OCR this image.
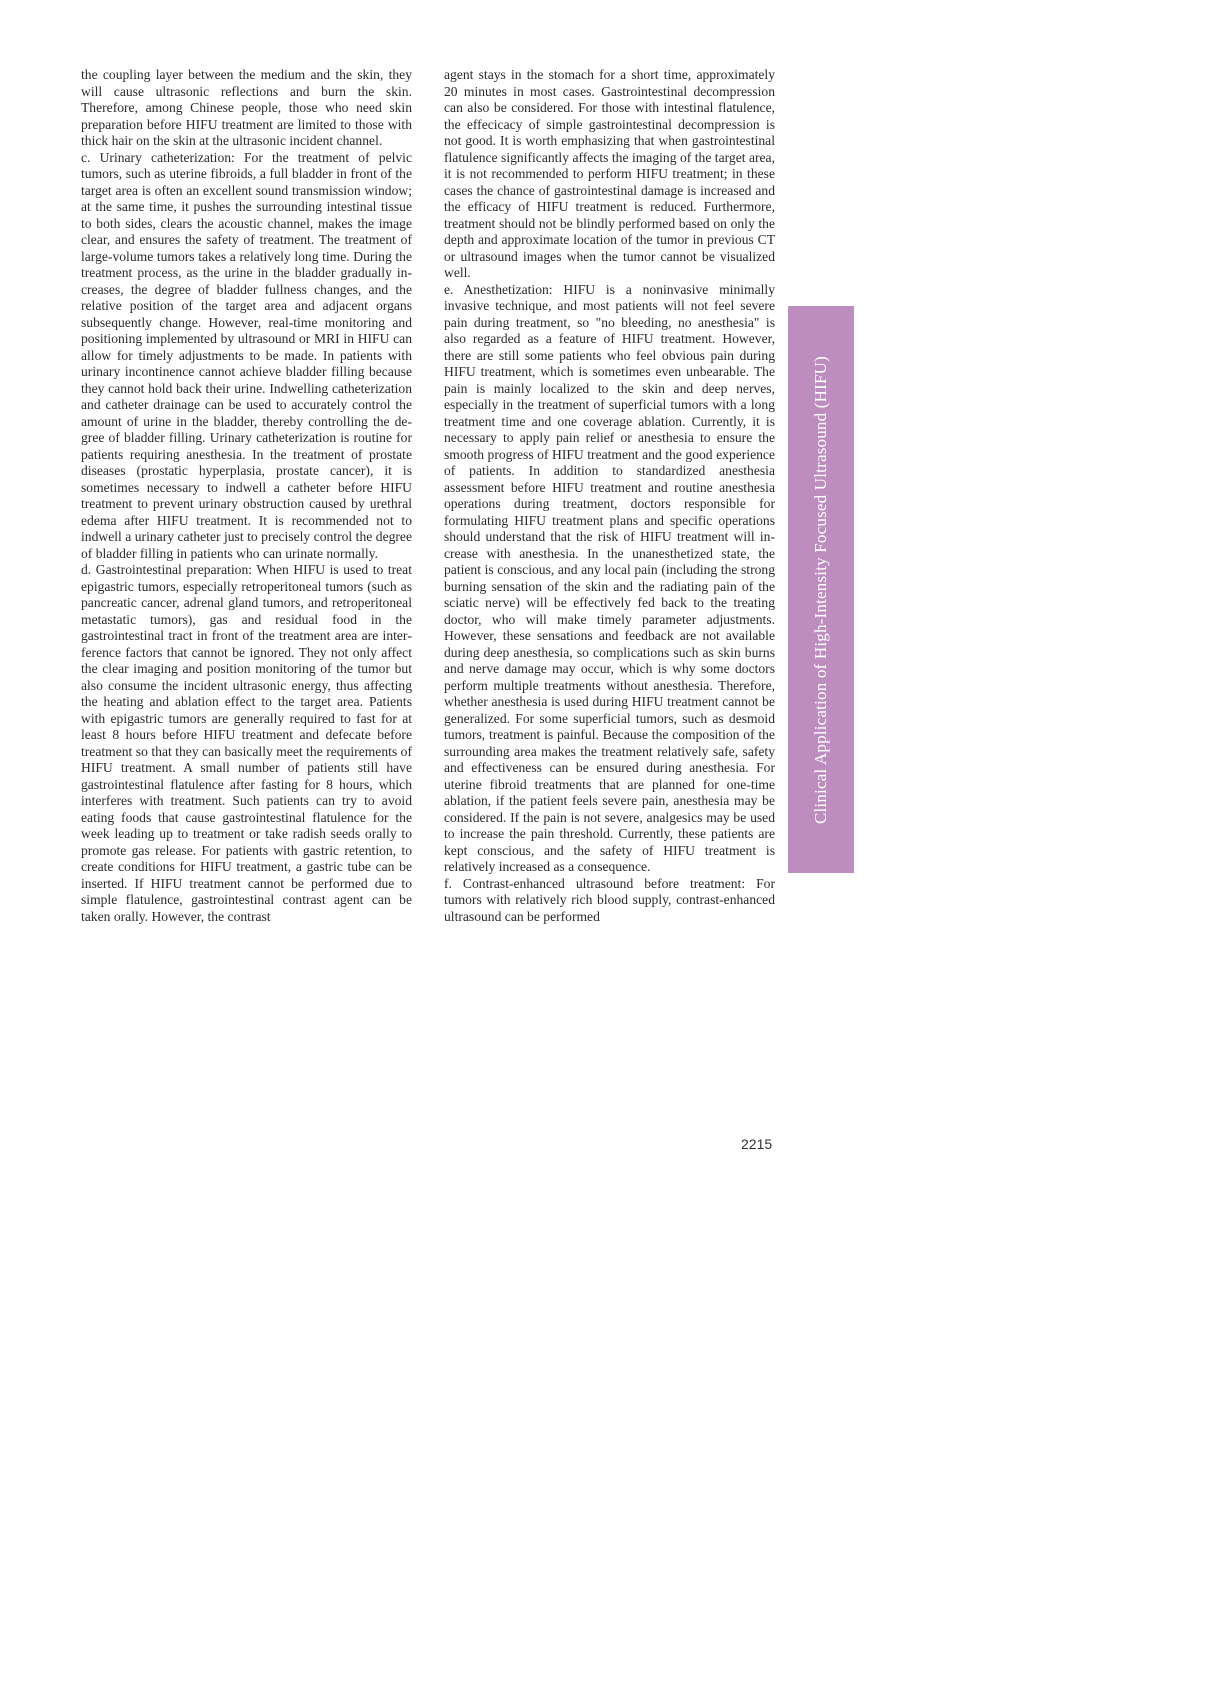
the coupling layer between the medium and the skin, they will cause ultrasonic reflections and burn the skin. Therefore, among Chinese people, those who need skin preparation before HIFU treatment are limited to those with thick hair on the skin at the ultrasonic incident channel.

c. Urinary catheterization: For the treatment of pelvic tumors, such as uterine fibroids, a full bladder in front of the target area is often an excellent sound transmission window; at the same time, it pushes the surrounding intestinal tissue to both sides, clears the acoustic channel, makes the image clear, and ensures the safety of treatment. The treatment of large-volume tumors takes a relatively long time. During the treatment process, as the urine in the bladder gradually increases, the degree of bladder fullness changes, and the relative position of the target area and adjacent organs subsequently change. However, real-time monitoring and positioning implemented by ultrasound or MRI in HIFU can allow for timely adjustments to be made. In patients with urinary incontinence cannot achieve bladder filling because they cannot hold back their urine. Indwelling catheterization and catheter drainage can be used to accurately control the amount of urine in the bladder, thereby controlling the degree of bladder filling. Urinary catheterization is routine for patients requiring anesthesia. In the treatment of prostate diseases (prostatic hyperplasia, prostate cancer), it is sometimes necessary to indwell a catheter before HIFU treatment to prevent urinary obstruction caused by urethral edema after HIFU treatment. It is recommended not to indwell a urinary catheter just to precisely control the degree of bladder filling in patients who can urinate normally.

d. Gastrointestinal preparation: When HIFU is used to treat epigastric tumors, especially retroperitoneal tumors (such as pancreatic cancer, adrenal gland tumors, and retroperitoneal metastatic tumors), gas and residual food in the gastrointestinal tract in front of the treatment area are interference factors that cannot be ignored. They not only affect the clear imaging and position monitoring of the tumor but also consume the incident ultrasonic energy, thus affecting the heating and ablation effect to the target area. Patients with epigastric tumors are generally required to fast for at least 8 hours before HIFU treatment and defecate before treatment so that they can basically meet the requirements of HIFU treatment. A small number of patients still have gastrointestinal flatulence after fasting for 8 hours, which interferes with treatment. Such patients can try to avoid eating foods that cause gastrointestinal flatulence for the week leading up to treatment or take radish seeds orally to promote gas release. For patients with gastric retention, to create conditions for HIFU treatment, a gastric tube can be inserted. If HIFU treatment cannot be performed due to simple flatulence, gastrointestinal contrast agent can be taken orally. However, the contrast

agent stays in the stomach for a short time, approximately 20 minutes in most cases. Gastrointestinal decompression can also be considered. For those with intestinal flatulence, the effecicacy of simple gastrointestinal decompression is not good. It is worth emphasizing that when gastrointestinal flatulence significantly affects the imaging of the target area, it is not recommended to perform HIFU treatment; in these cases the chance of gastrointestinal damage is increased and the efficacy of HIFU treatment is reduced. Furthermore, treatment should not be blindly performed based on only the depth and approximate location of the tumor in previous CT or ultrasound images when the tumor cannot be visualized well.

e. Anesthetization: HIFU is a noninvasive minimally invasive technique, and most patients will not feel severe pain during treatment, so "no bleeding, no anesthesia" is also regarded as a feature of HIFU treatment. However, there are still some patients who feel obvious pain during HIFU treatment, which is sometimes even unbearable. The pain is mainly localized to the skin and deep nerves, especially in the treatment of superficial tumors with a long treatment time and one coverage ablation. Currently, it is necessary to apply pain relief or anesthesia to ensure the smooth progress of HIFU treatment and the good experience of patients. In addition to standardized anesthesia assessment before HIFU treatment and routine anesthesia operations during treatment, doctors responsible for formulating HIFU treatment plans and specific operations should understand that the risk of HIFU treatment will increase with anesthesia. In the unanesthetized state, the patient is conscious, and any local pain (including the strong burning sensation of the skin and the radiating pain of the sciatic nerve) will be effectively fed back to the treating doctor, who will make timely parameter adjustments. However, these sensations and feedback are not available during deep anesthesia, so complications such as skin burns and nerve damage may occur, which is why some doctors perform multiple treatments without anesthesia. Therefore, whether anesthesia is used during HIFU treatment cannot be generalized. For some superficial tumors, such as desmoid tumors, treatment is painful. Because the composition of the surrounding area makes the treatment relatively safe, safety and effectiveness can be ensured during anesthesia. For uterine fibroid treatments that are planned for one-time ablation, if the patient feels severe pain, anesthesia may be considered. If the pain is not severe, analgesics may be used to increase the pain threshold. Currently, these patients are kept conscious, and the safety of HIFU treatment is relatively increased as a consequence.

f. Contrast-enhanced ultrasound before treatment: For tumors with relatively rich blood supply, contrast-enhanced ultrasound can be performed

Clinical Application of High-Intensity Focused Ultrasound (HIFU)
2215
